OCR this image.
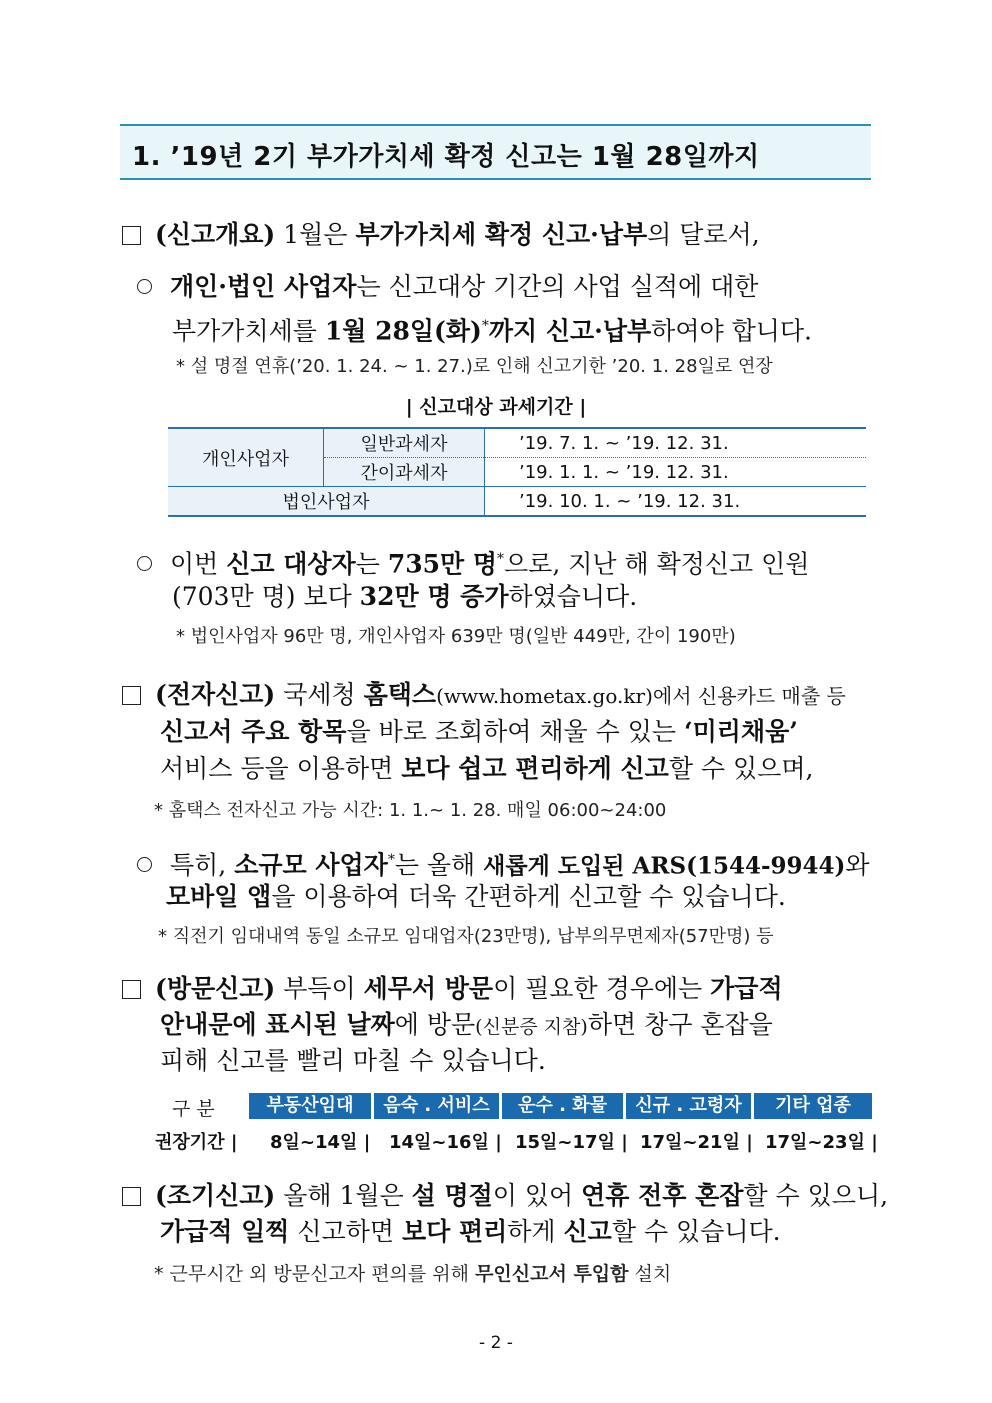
1. ’19년 2기 부가가치세 확정 신고는 1월 28일까지
(신고개요) 1월은 부가가치세 확정 신고·납부의 달로서,
개인·법인 사업자는 신고대상 기간의 사업 실적에 대한
부가가치세를 1월 28일(화)*까지 신고·납부하여야 합니다.
* 설 명절 연휴(’20. 1. 24. ~ 1. 27.)로 인해 신고기한 ’20. 1. 28일로 연장
| 신고대상 과세기간 |
개인사업자	일반과세자	’19. 7. 1. ~ ’19. 12. 31.
	간이과세자	’19. 1. 1. ~ ’19. 12. 31.
법인사업자		’19. 10. 1. ~ ’19. 12. 31.
이번 신고 대상자는 735만 명*으로, 지난 해 확정신고 인원
(703만 명) 보다 32만 명 증가하였습니다.
* 법인사업자 96만 명, 개인사업자 639만 명(일반 449만, 간이 190만)
(전자신고) 국세청 홈택스(www.hometax.go.kr)에서 신용카드 매출 등
신고서 주요 항목을 바로 조회하여 채울 수 있는 ‘미리채움’
서비스 등을 이용하면 보다 쉽고 편리하게 신고할 수 있으며,
* 홈택스 전자신고 가능 시간: 1. 1.~ 1. 28. 매일 06:00~24:00
특히, 소규모 사업자*는 올해 새롭게 도입된 ARS(1544-9944)와
모바일 앱을 이용하여 더욱 간편하게 신고할 수 있습니다.
* 직전기 임대내역 동일 소규모 임대업자(23만명), 납부의무면제자(57만명) 등
(방문신고) 부득이 세무서 방문이 필요한 경우에는 가급적
안내문에 표시된 날짜에 방문(신분증 지참)하면 창구 혼잡을
피해 신고를 빨리 마칠 수 있습니다.
구 분	부동산임대	음숙 . 서비스	운수 . 화물	신규 . 고령자	기타 업종
권장기간 | 8일~14일 | 14일~16일 | 15일~17일 | 17일~21일 | 17일~23일 |
(조기신고) 올해 1월은 설 명절이 있어 연휴 전후 혼잡할 수 있으니,
가급적 일찍 신고하면 보다 편리하게 신고할 수 있습니다.
* 근무시간 외 방문신고자 편의를 위해 무인신고서 투입함 설치
- 2 -
